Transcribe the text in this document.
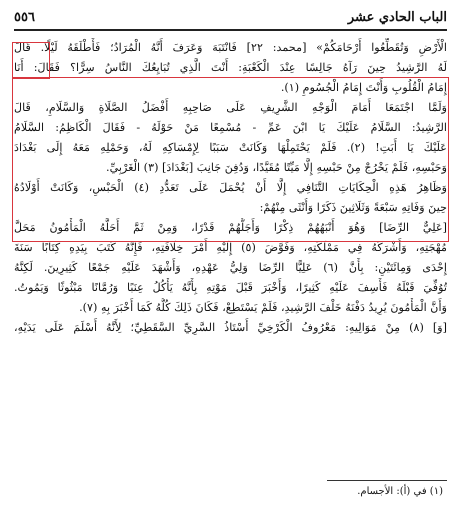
الباب الحادي عشر
٥٥٦
الْأَرْضِ وَتُقَطِّعُوا أَرْحَامَكُمْ» [محمد: ٢٢] فَانْتَبَهَ وَعَرَفَ أَنَّهُ الْمُرَادُ؛ فَأَطْلَقَهُ لَيْلًا. قَالَ
لَهُ الرَّشِيدُ حِينَ رَآهُ جَالِسًا عِنْدَ الْكَعْبَةِ: أَنْتَ الَّذِي تُبَايِعُكَ النَّاسُ سِرًّا؟ فَقَالَ: أَنَا
إِمَامُ الْقُلُوبِ وَأَنْتَ إِمَامُ الْجُسُومِ (١).
وَلَمَّا اجْتَمَعَا أَمَامَ الْوَجْهِ الشَّرِيفِ عَلَى صَاحِبِهِ أَفْضَلُ الصَّلَاةِ وَالسَّلَامِ، قَالَ
الرَّشِيدُ: السَّلَامُ عَلَيْكَ يَا ابْنَ عَمِّ - مُسْمِعًا مَنْ حَوْلَهُ - فَقَالَ الْكَاظِمُ: السَّلَامُ
عَلَيْكَ يَا أَبَتِ! (٢). فَلَمْ يَحْتَمِلْهَا وَكَانَتْ سَبَبًا لِإِمْسَاكِهِ لَهُ، وَحَمْلِهِ مَعَهُ إِلَى بَغْدَادَ
وَحَبْسِهِ، فَلَمْ يَخْرُجْ مِنْ حَبْسِهِ إِلَّا مَيِّتًا مُقَيَّدًا، وَدُفِنَ جَانِبَ [بَغْدَادَ] (٣) الْغَرْبِيِّ.
وَظَاهِرُ هَذِهِ الْحِكَايَاتِ التَّنَافِي إِلَّا أَنْ يُحْمَلَ عَلَى تَعَدُّدِ (٤) الْحَبْسِ، وَكَانَتْ أَوْلَادُهُ
حِينَ وَفَاتِهِ سَبْعَةً وَثَلَاثِينَ ذَكَرًا وَأُنْثَى مِنْهُمْ:
[عَلِيٌّ الرِّضَا] وَهُوَ أَنْبَهُهُمْ ذِكْرًا وَأَجَلُّهُمْ قَدْرًا، وَمِنْ ثَمَّ أَحَلَّهُ الْمَأْمُونُ مَحَلَّ
مُهْجَتِهِ، وَأَشْرَكَهُ فِي مَمْلَكَتِهِ، وَفَوَّضَ (٥) إِلَيْهِ أَمْرَ خِلَافَتِهِ، فَإِنَّهُ كَتَبَ بِيَدِهِ كِتَابًا سَنَةَ
إِحْدَى وَمِائَتَيْنِ: بِأَنَّ (٦) عَلِيًّا الرِّضَا وَلِيُّ عَهْدِهِ، وَأَشْهَدَ عَلَيْهِ جَمْعًا كَثِيرِينَ. لَكِنَّهُ
تُوُفِّيَ قَبْلَهُ فَأَسِفَ عَلَيْهِ كَثِيرًا، وَأَخْبَرَ قَبْلَ مَوْتِهِ بِأَنَّهُ يَأْكُلُ عِنَبًا وَرُمَّانًا مَبْثُوثًا وَيَمُوتُ.
وَأَنَّ الْمَأْمُونَ يُرِيدُ دَفْنَهُ خَلْفَ الرَّشِيدِ، فَلَمْ يَسْتَطِعْ، فَكَانَ ذَلِكَ كُلُّهُ كَمَا أَخْبَرَ بِهِ (٧).
[وَ] (٨) مِنْ مَوَالِيهِ: مَعْرُوفُ الْكَرْخِيِّ أُسْتَاذُ السَّرِيِّ السَّقَطِيِّ؛ لِأَنَّهُ أَسْلَمَ عَلَى يَدَيْهِ،
(١) في (أ): الأجسام.
